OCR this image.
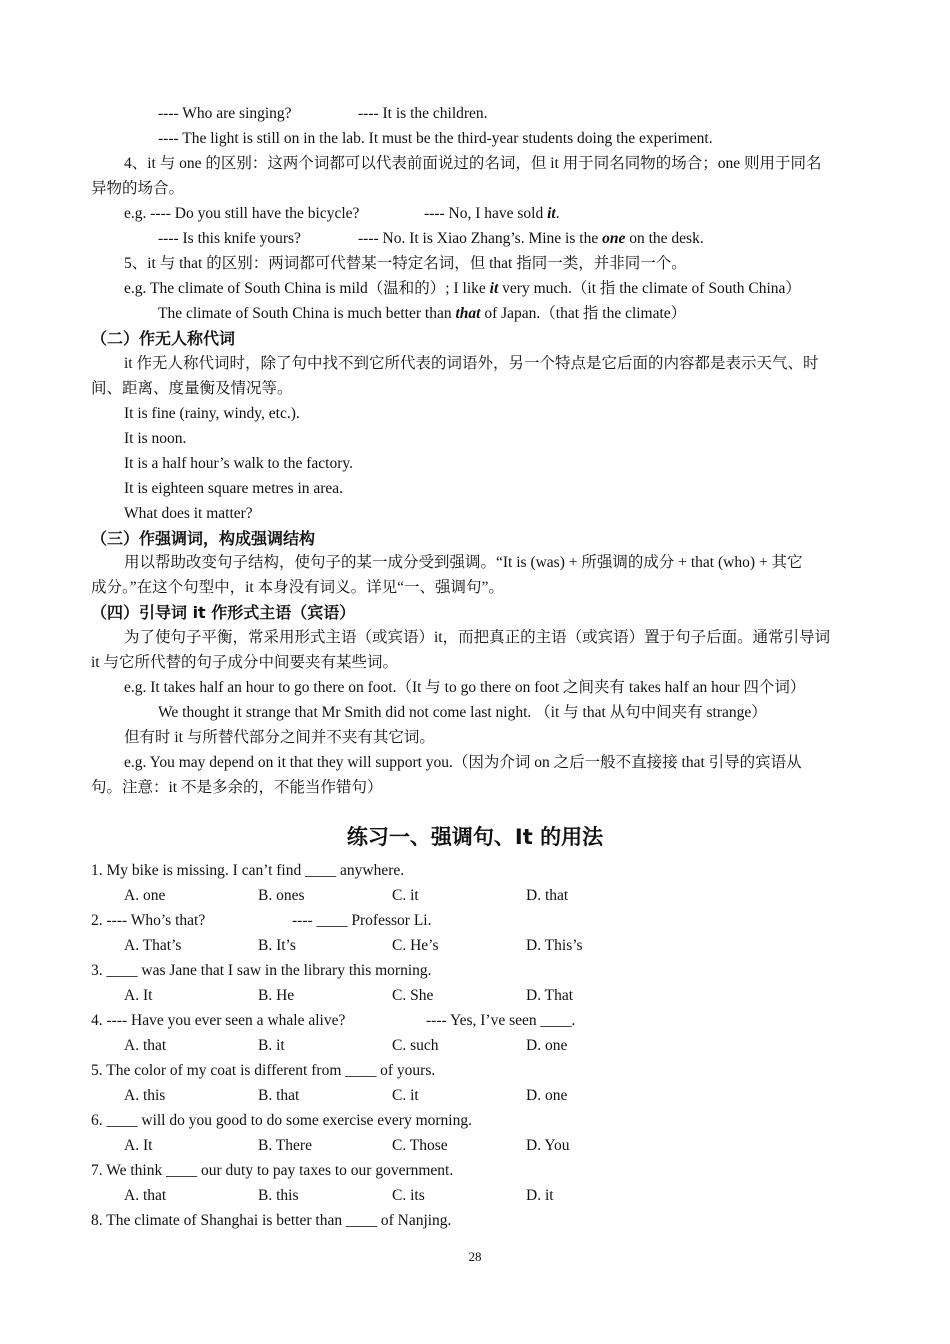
---- Who are singing?	---- It is the children.
---- The light is still on in the lab. It must be the third-year students doing the experiment.
4、it 与 one 的区别：这两个词都可以代表前面说过的名词，但 it 用于同名同物的场合；one 则用于同名
异物的场合。
e.g. ---- Do you still have the bicycle?	---- No, I have sold it.
---- Is this knife yours?	---- No. It is Xiao Zhang’s. Mine is the one on the desk.
5、it 与 that 的区别：两词都可代替某一特定名词，但 that 指同一类，并非同一个。
e.g. The climate of South China is mild（温和的）; I like it very much.（it 指 the climate of South China）
The climate of South China is much better than that of Japan.（that 指 the climate）
（二）作无人称代词
it 作无人称代词时，除了句中找不到它所代表的词语外，另一个特点是它后面的内容都是表示天气、时
间、距离、度量衡及情况等。
It is fine (rainy, windy, etc.).
It is noon.
It is a half hour’s walk to the factory.
It is eighteen square metres in area.
What does it matter?
（三）作强调词，构成强调结构
用以帮助改变句子结构，使句子的某一成分受到强调。“It is (was) + 所强调的成分 + that (who) + 其它
成分。”在这个句型中，it 本身没有词义。详见“一、强调句”。
（四）引导词 it 作形式主语（宾语）
为了使句子平衡，常采用形式主语（或宾语）it，而把真正的主语（或宾语）置于句子后面。通常引导词
it 与它所代替的句子成分中间要夹有某些词。
e.g. It takes half an hour to go there on foot.（It 与 to go there on foot 之间夹有 takes half an hour 四个词）
We thought it strange that Mr Smith did not come last night. （it 与 that 从句中间夹有 strange）
但有时 it 与所替代部分之间并不夹有其它词。
e.g. You may depend on it that they will support you.（因为介词 on 之后一般不直接接 that 引导的宾语从
句。注意：it 不是多余的，不能当作错句）
练习一、强调句、It 的用法
1. My bike is missing. I can’t find ____ anywhere.
A. one	B. ones	C. it	D. that
2. ---- Who’s that?	---- ____ Professor Li.
A. That’s	B. It’s	C. He’s	D. This’s
3. ____ was Jane that I saw in the library this morning.
A. It	B. He	C. She	D. That
4. ---- Have you ever seen a whale alive?	---- Yes, I’ve seen ____.
A. that	B. it	C. such	D. one
5. The color of my coat is different from ____ of yours.
A. this	B. that	C. it	D. one
6. ____ will do you good to do some exercise every morning.
A. It	B. There	C. Those	D. You
7. We think ____ our duty to pay taxes to our government.
A. that	B. this	C. its	D. it
8. The climate of Shanghai is better than ____ of Nanjing.
28
